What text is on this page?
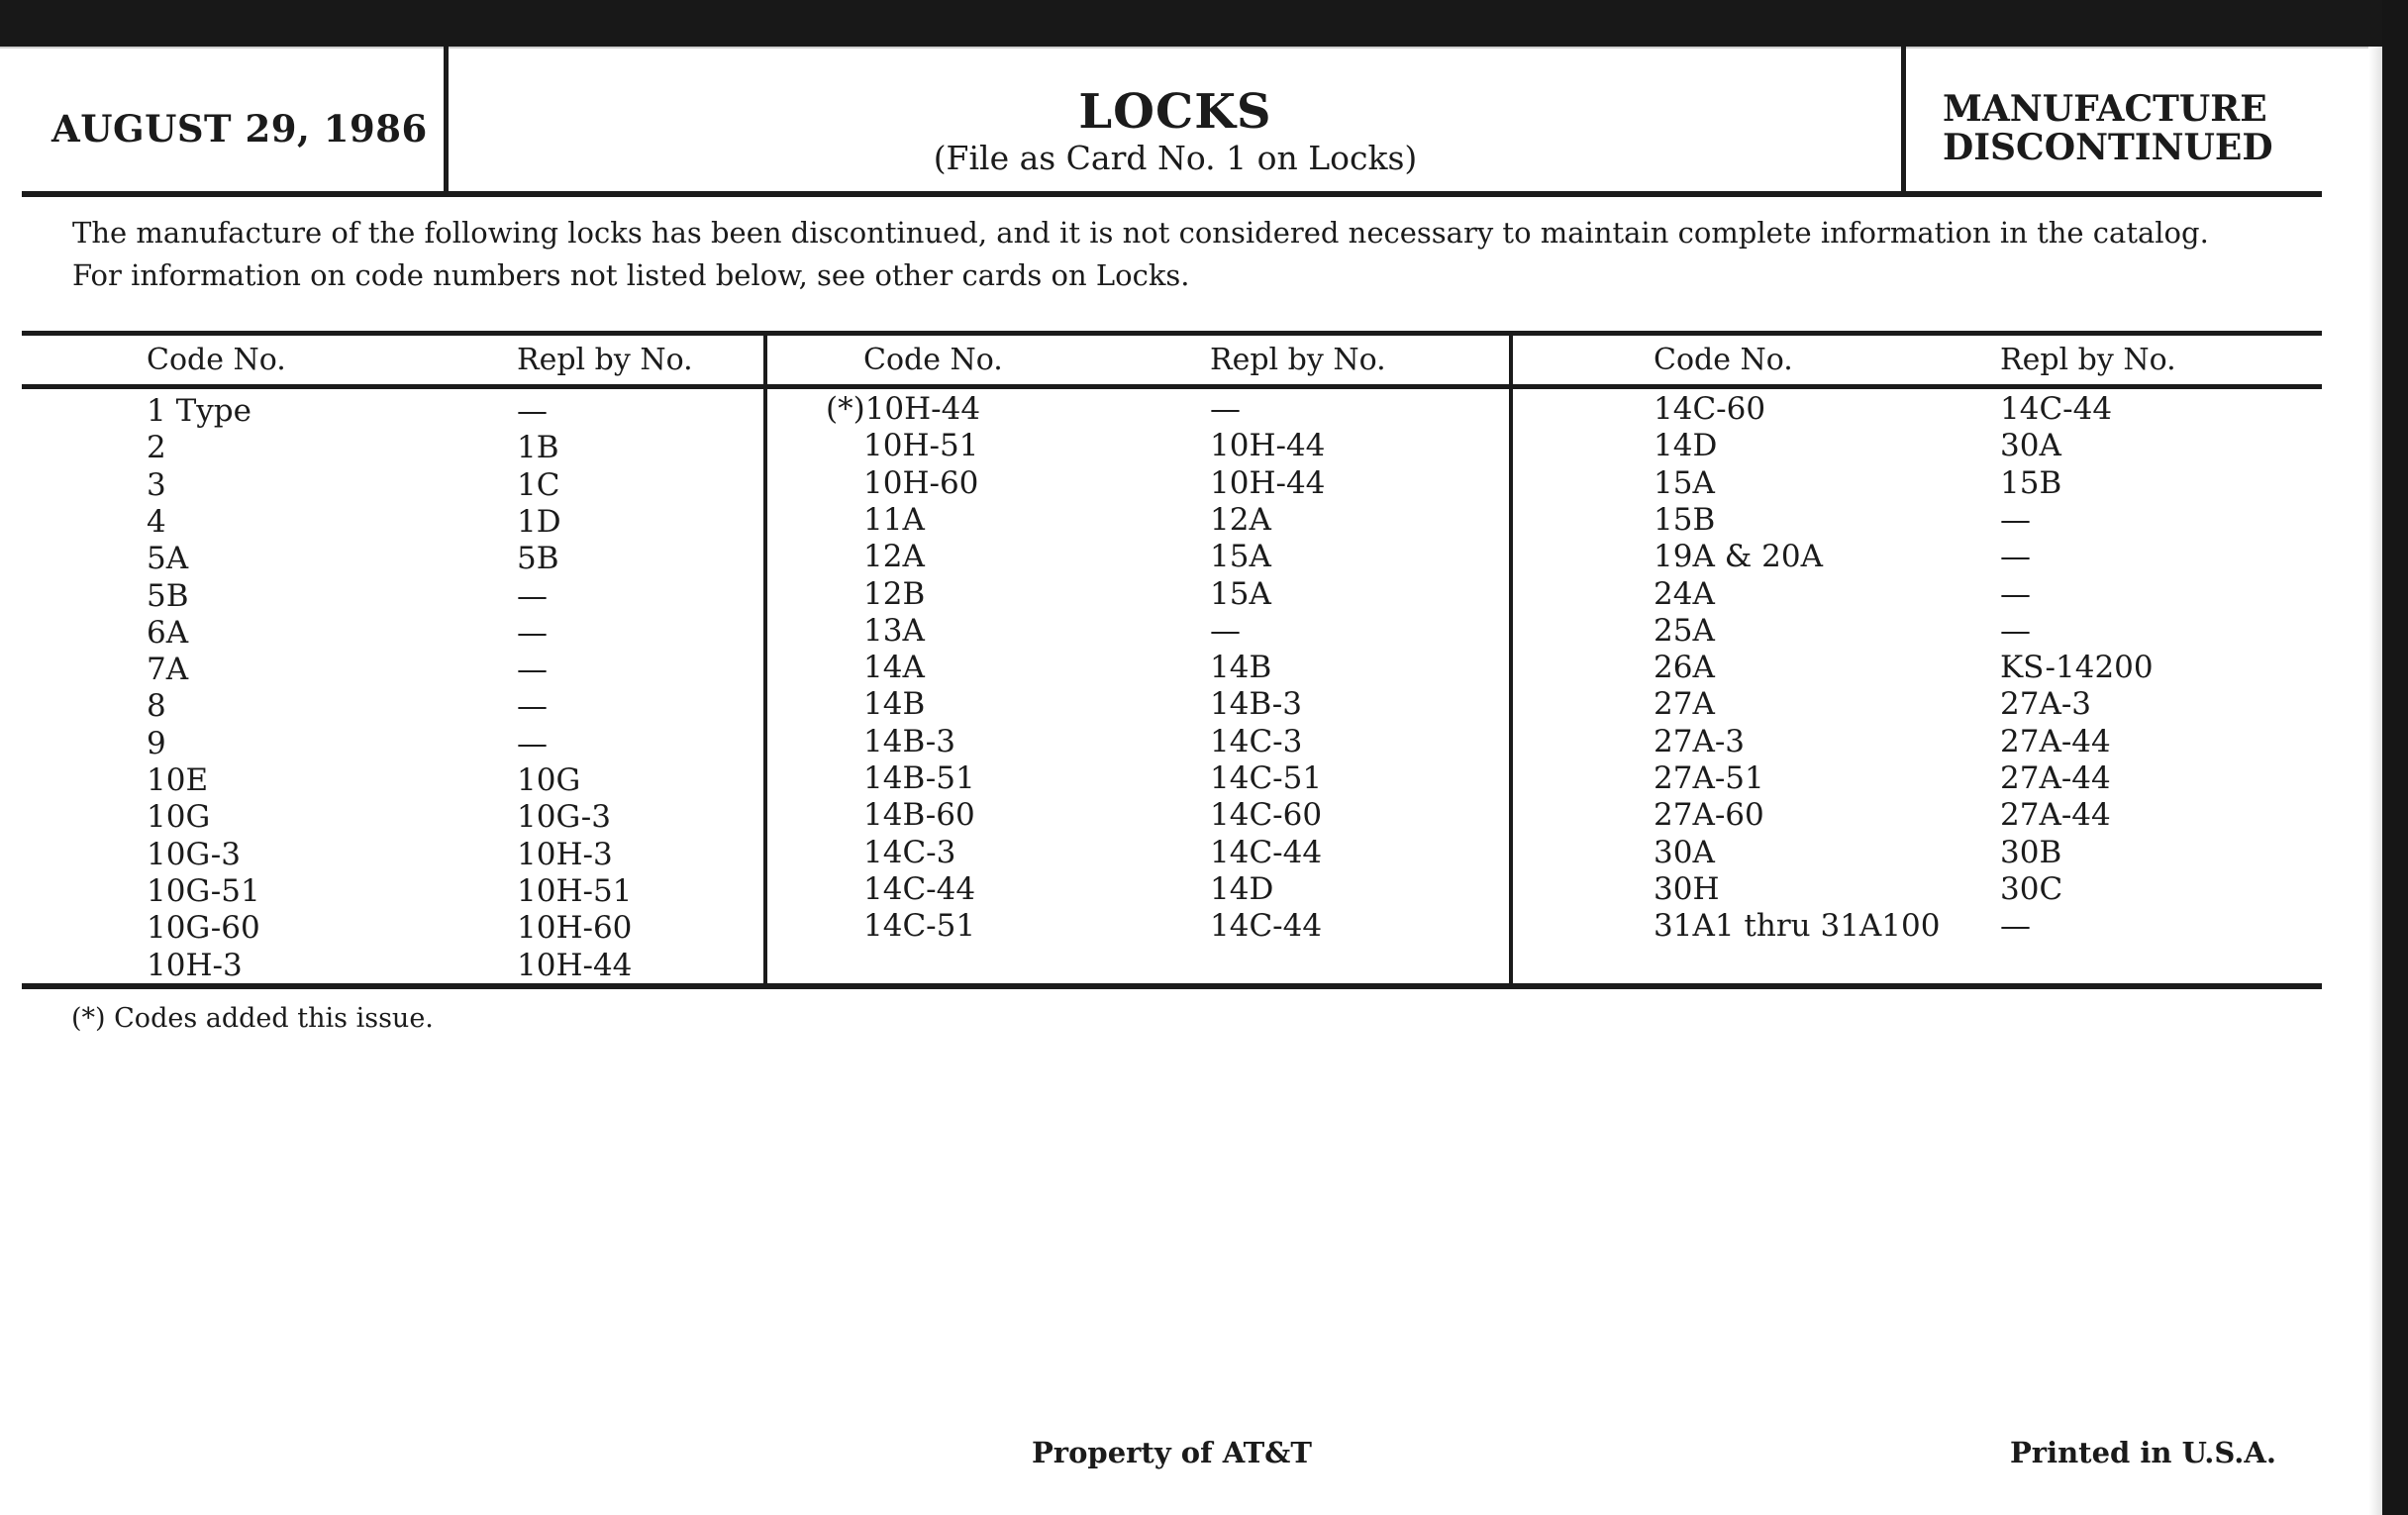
AUGUST 29, 1986	LOCKS
(File as Card No. 1 on Locks)
MANUFACTURE
DISCONTINUED
The manufacture of the following locks has been discontinued, and it is not considered necessary to maintain complete information in the catalog.
For information on code numbers not listed below, see other cards on Locks.
Code No.	Repl by No.	Code No.	Repl by No.	Code No.	Repl by No.
1 Type	—
2	1B
3	1C
4	1D
5A	5B
5B	—
6A	—
7A	—
8	—
9	—
10E	10G
10G	10G-3
10G-3	10H-3
10G-51	10H-51
10G-60	10H-60
10H-3	10H-44
(*)10H-44	—
10H-51	10H-44
10H-60	10H-44
11A	12A
12A	15A
12B	15A
13A	—
14A	14B
14B	14B-3
14B-3	14C-3
14B-51	14C-51
14B-60	14C-60
14C-3	14C-44
14C-44	14D
14C-51	14C-44
14C-60	14C-44
14D	30A
15A	15B
15B	—
19A & 20A	—
24A	—
25A	—
26A	KS-14200
27A	27A-3
27A-3	27A-44
27A-51	27A-44
27A-60	27A-44
30A	30B
30H	30C
31A1 thru 31A100 —
(*) Codes added this issue.
Property of AT&T	Printed in U.S.A.
